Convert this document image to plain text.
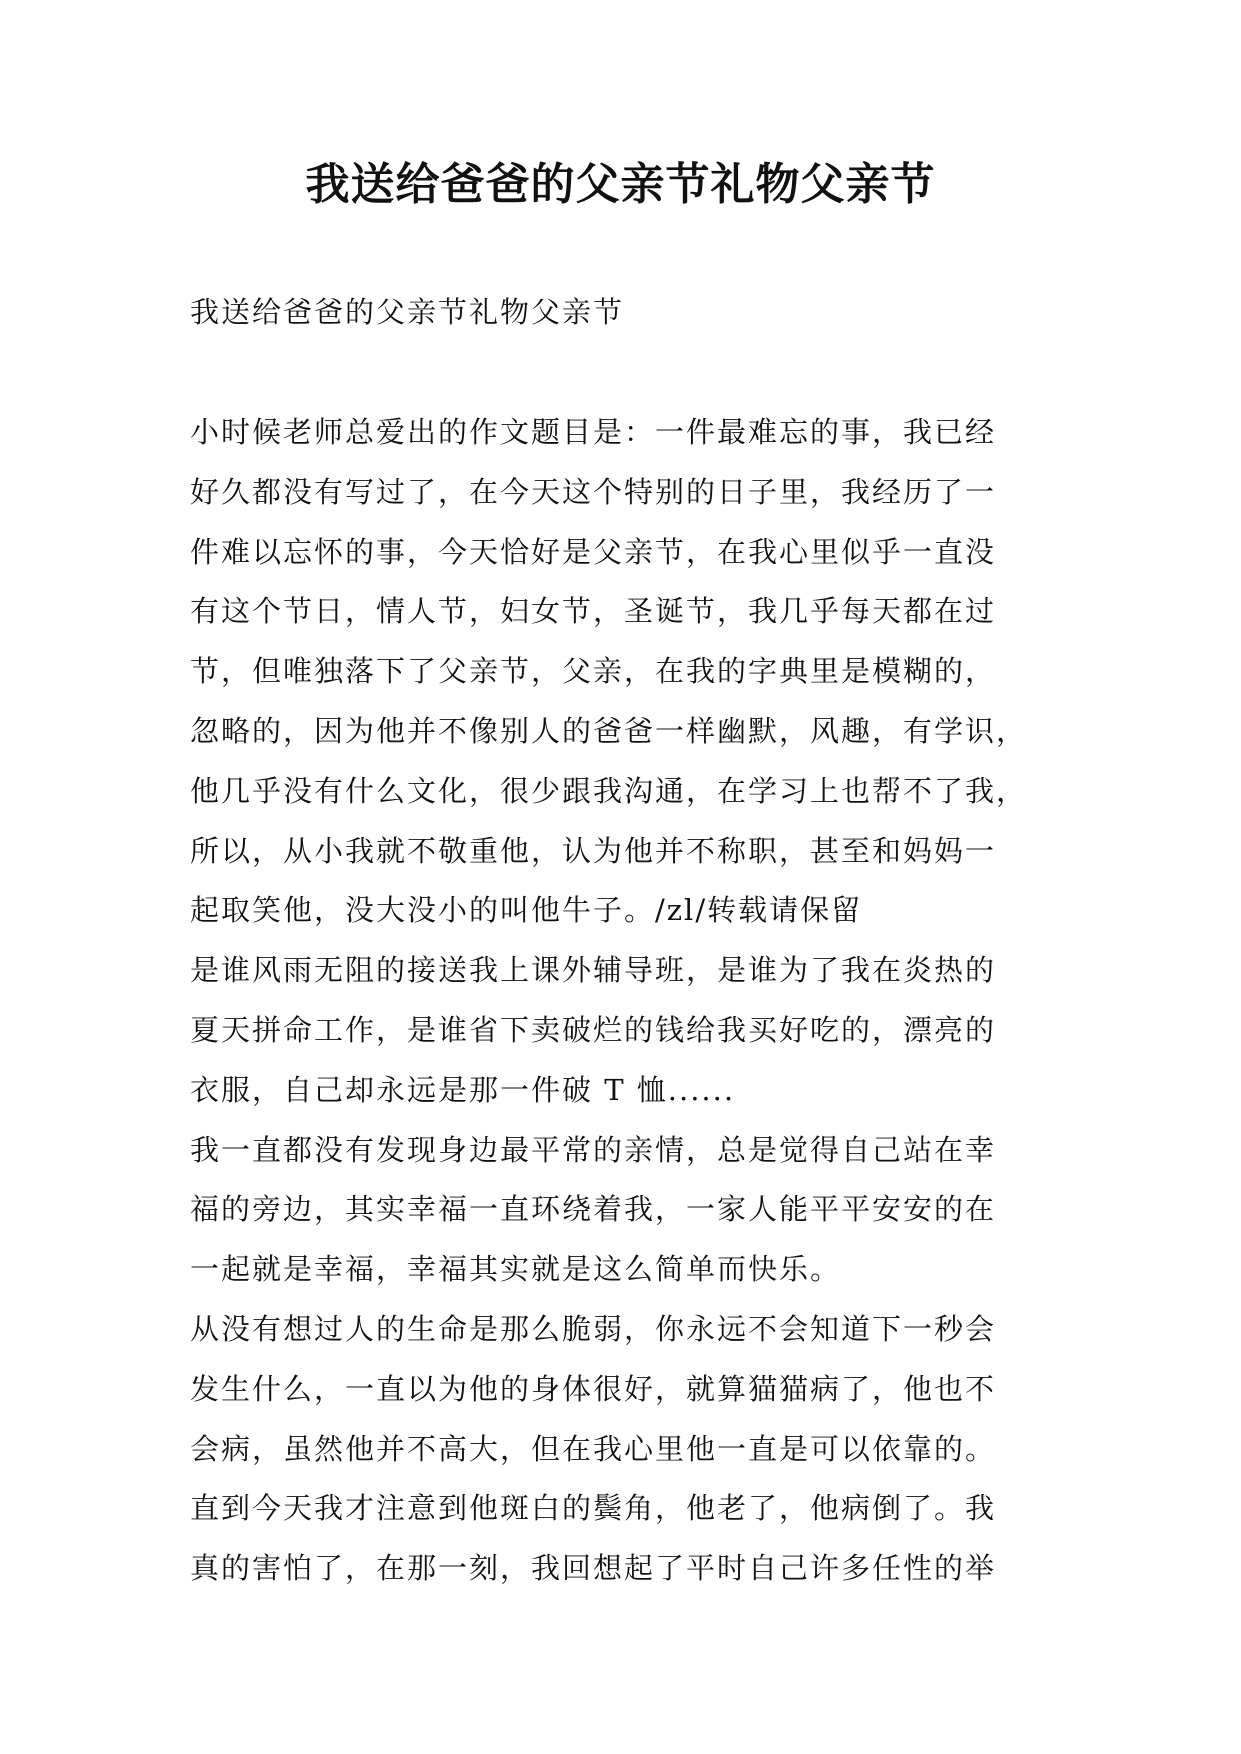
我送给爸爸的父亲节礼物父亲节

我送给爸爸的父亲节礼物父亲节

小时候老师总爱出的作文题目是：一件最难忘的事，我已经
好久都没有写过了，在今天这个特别的日子里，我经历了一
件难以忘怀的事，今天恰好是父亲节，在我心里似乎一直没
有这个节日，情人节，妇女节，圣诞节，我几乎每天都在过
节，但唯独落下了父亲节，父亲，在我的字典里是模糊的，
忽略的，因为他并不像别人的爸爸一样幽默，风趣，有学识，
他几乎没有什么文化，很少跟我沟通，在学习上也帮不了我，
所以，从小我就不敬重他，认为他并不称职，甚至和妈妈一
起取笑他，没大没小的叫他牛子。/zl/转载请保留
是谁风雨无阻的接送我上课外辅导班，是谁为了我在炎热的
夏天拼命工作，是谁省下卖破烂的钱给我买好吃的，漂亮的
衣服，自己却永远是那一件破 T 恤......
我一直都没有发现身边最平常的亲情，总是觉得自己站在幸
福的旁边，其实幸福一直环绕着我，一家人能平平安安的在
一起就是幸福，幸福其实就是这么简单而快乐。
从没有想过人的生命是那么脆弱，你永远不会知道下一秒会
发生什么，一直以为他的身体很好，就算猫猫病了，他也不
会病，虽然他并不高大，但在我心里他一直是可以依靠的。
直到今天我才注意到他斑白的鬓角，他老了，他病倒了。我
真的害怕了，在那一刻，我回想起了平时自己许多任性的举
